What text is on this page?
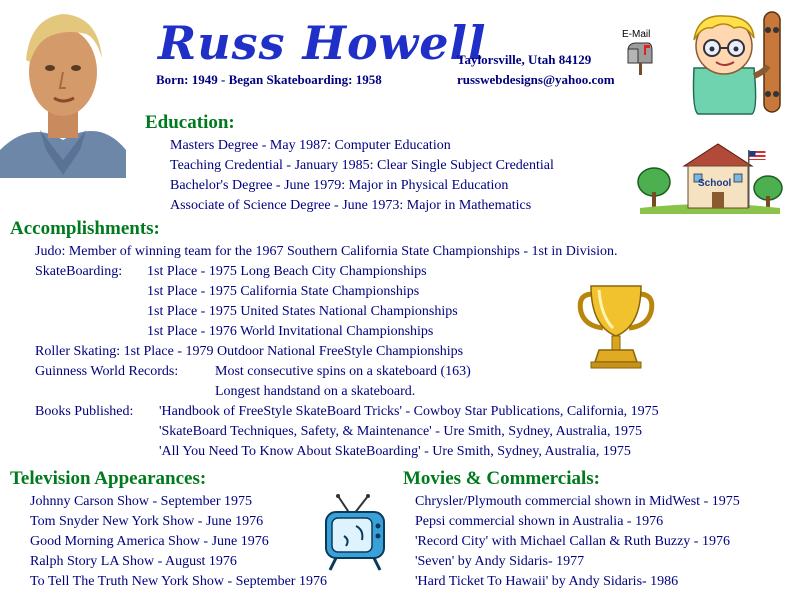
Russ Howell
Born: 1949 - Began Skateboarding: 1958
Taylorsville, Utah 84129
russwebdesigns@yahoo.com
E-Mail
Education:
Masters Degree - May 1987: Computer Education
Teaching Credential - January 1985: Clear Single Subject Credential
Bachelor's Degree - June 1979: Major in Physical Education
Associate of Science Degree - June 1973: Major in Mathematics
School
Accomplishments:
Judo: Member of winning team for the 1967 Southern California State Championships - 1st in Division.
SkateBoarding: 1st Place - 1975 Long Beach City Championships
1st Place - 1975 California State Championships
1st Place - 1975 United States National Championships
1st Place - 1976 World Invitational Championships
Roller Skating: 1st Place - 1979 Outdoor National FreeStyle Championships
Guinness World Records:	Most consecutive spins on a skateboard (163)
Longest handstand on a skateboard.
Books Published: 'Handbook of FreeStyle SkateBoard Tricks' - Cowboy Star Publications, California, 1975
'SkateBoard Techniques, Safety, & Maintenance' - Ure Smith, Sydney, Australia, 1975
'All You Need To Know About SkateBoarding' - Ure Smith, Sydney, Australia, 1975
Television Appearances:
Johnny Carson Show - September 1975
Tom Snyder New York Show - June 1976
Good Morning America Show - June 1976
Ralph Story LA Show - August 1976
To Tell The Truth New York Show - September 1976
Movies & Commercials:
Chrysler/Plymouth commercial shown in MidWest - 1975
Pepsi commercial shown in Australia - 1976
'Record City' with Michael Callan & Ruth Buzzy - 1976
'Seven' by Andy Sidaris- 1977
'Hard Ticket To Hawaii' by Andy Sidaris- 1986
